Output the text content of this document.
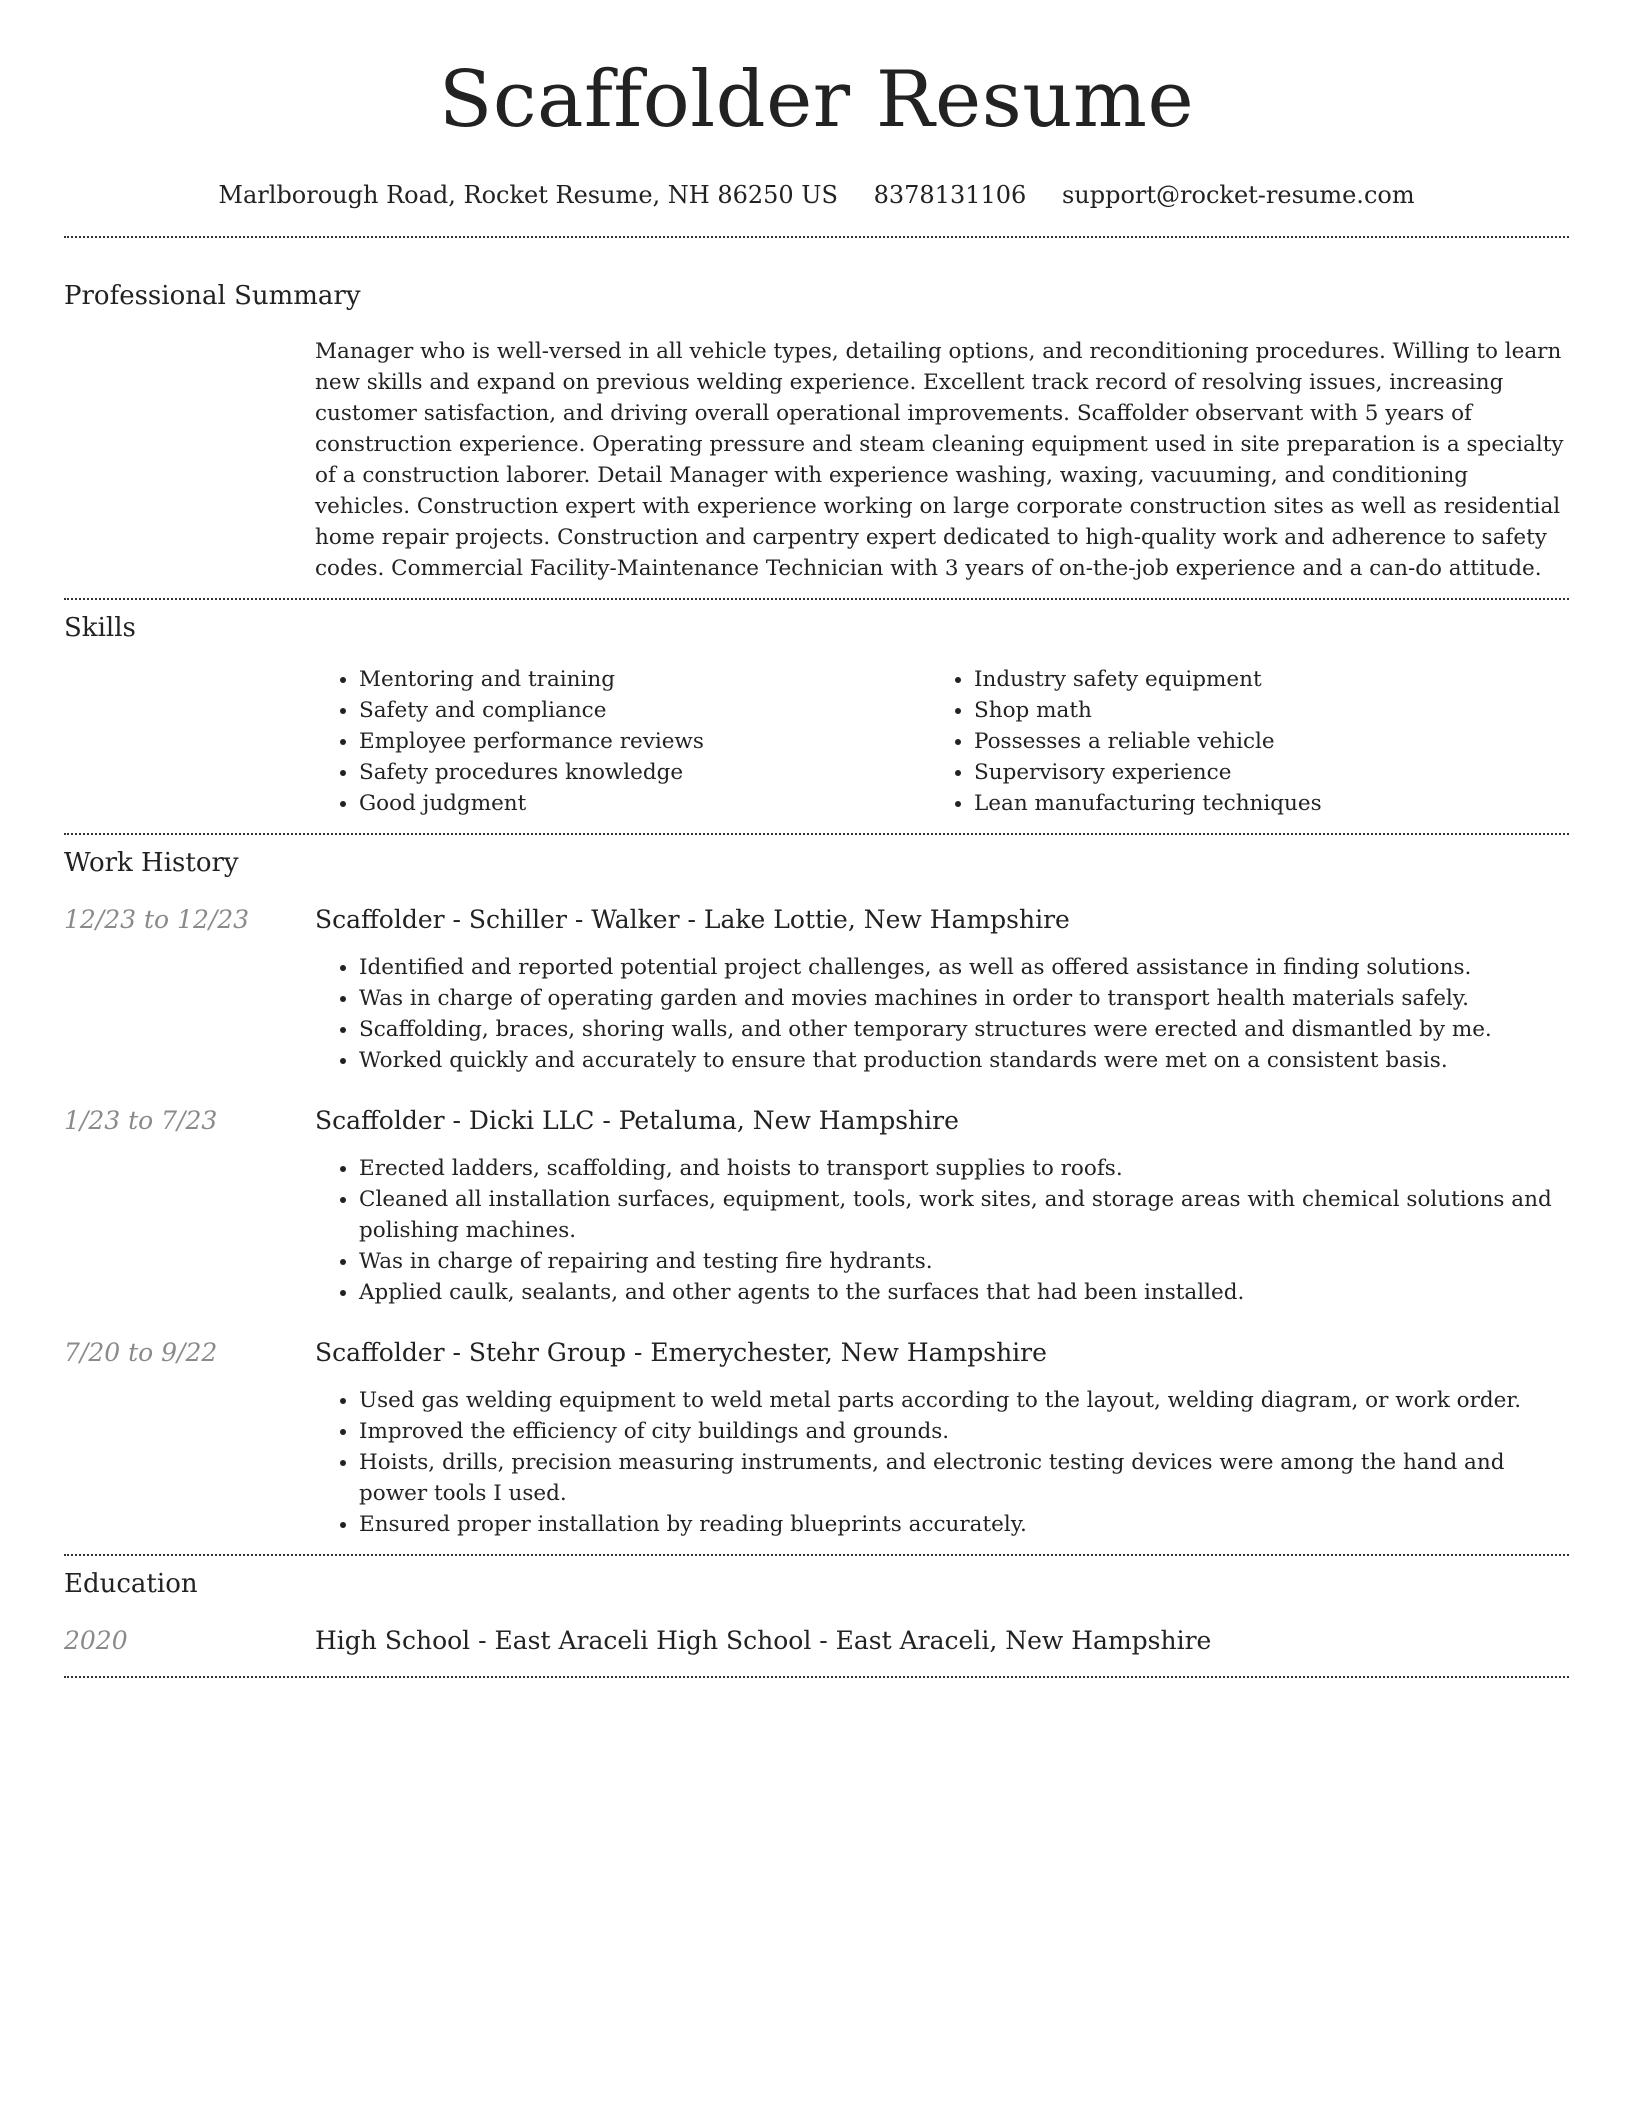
Scaffolder Resume
Marlborough Road, Rocket Resume, NH 86250 US 8378131106 support@rocket-resume.com
Professional Summary

Manager who is well-versed in all vehicle types, detailing options, and reconditioning procedures. Willing to learn new skills and expand on previous welding experience. Excellent track record of resolving issues, increasing customer satisfaction, and driving overall operational improvements. Scaffolder observant with 5 years of construction experience. Operating pressure and steam cleaning equipment used in site preparation is a specialty of a construction laborer. Detail Manager with experience washing, waxing, vacuuming, and conditioning vehicles. Construction expert with experience working on large corporate construction sites as well as residential home repair projects. Construction and carpentry expert dedicated to high-quality work and adherence to safety codes. Commercial Facility-Maintenance Technician with 3 years of on-the-job experience and a can-do attitude.

Skills
• Mentoring and training
• Safety and compliance
• Employee performance reviews
• Safety procedures knowledge
• Good judgment
• Industry safety equipment
• Shop math
• Possesses a reliable vehicle
• Supervisory experience
• Lean manufacturing techniques
Work History
12/23 to 12/23	Scaffolder - Schiller - Walker - Lake Lottie, New Hampshire
• Identified and reported potential project challenges, as well as offered assistance in finding solutions.
• Was in charge of operating garden and movies machines in order to transport health materials safely.
• Scaffolding, braces, shoring walls, and other temporary structures were erected and dismantled by me.
• Worked quickly and accurately to ensure that production standards were met on a consistent basis.
1/23 to 7/23	Scaffolder - Dicki LLC - Petaluma, New Hampshire
• Erected ladders, scaffolding, and hoists to transport supplies to roofs.
• Cleaned all installation surfaces, equipment, tools, work sites, and storage areas with chemical solutions and polishing machines.
• Was in charge of repairing and testing fire hydrants.
• Applied caulk, sealants, and other agents to the surfaces that had been installed.
7/20 to 9/22	Scaffolder - Stehr Group - Emerychester, New Hampshire
• Used gas welding equipment to weld metal parts according to the layout, welding diagram, or work order.
• Improved the efficiency of city buildings and grounds.
• Hoists, drills, precision measuring instruments, and electronic testing devices were among the hand and power tools I used.
• Ensured proper installation by reading blueprints accurately.
Education
2020	High School - East Araceli High School - East Araceli, New Hampshire
